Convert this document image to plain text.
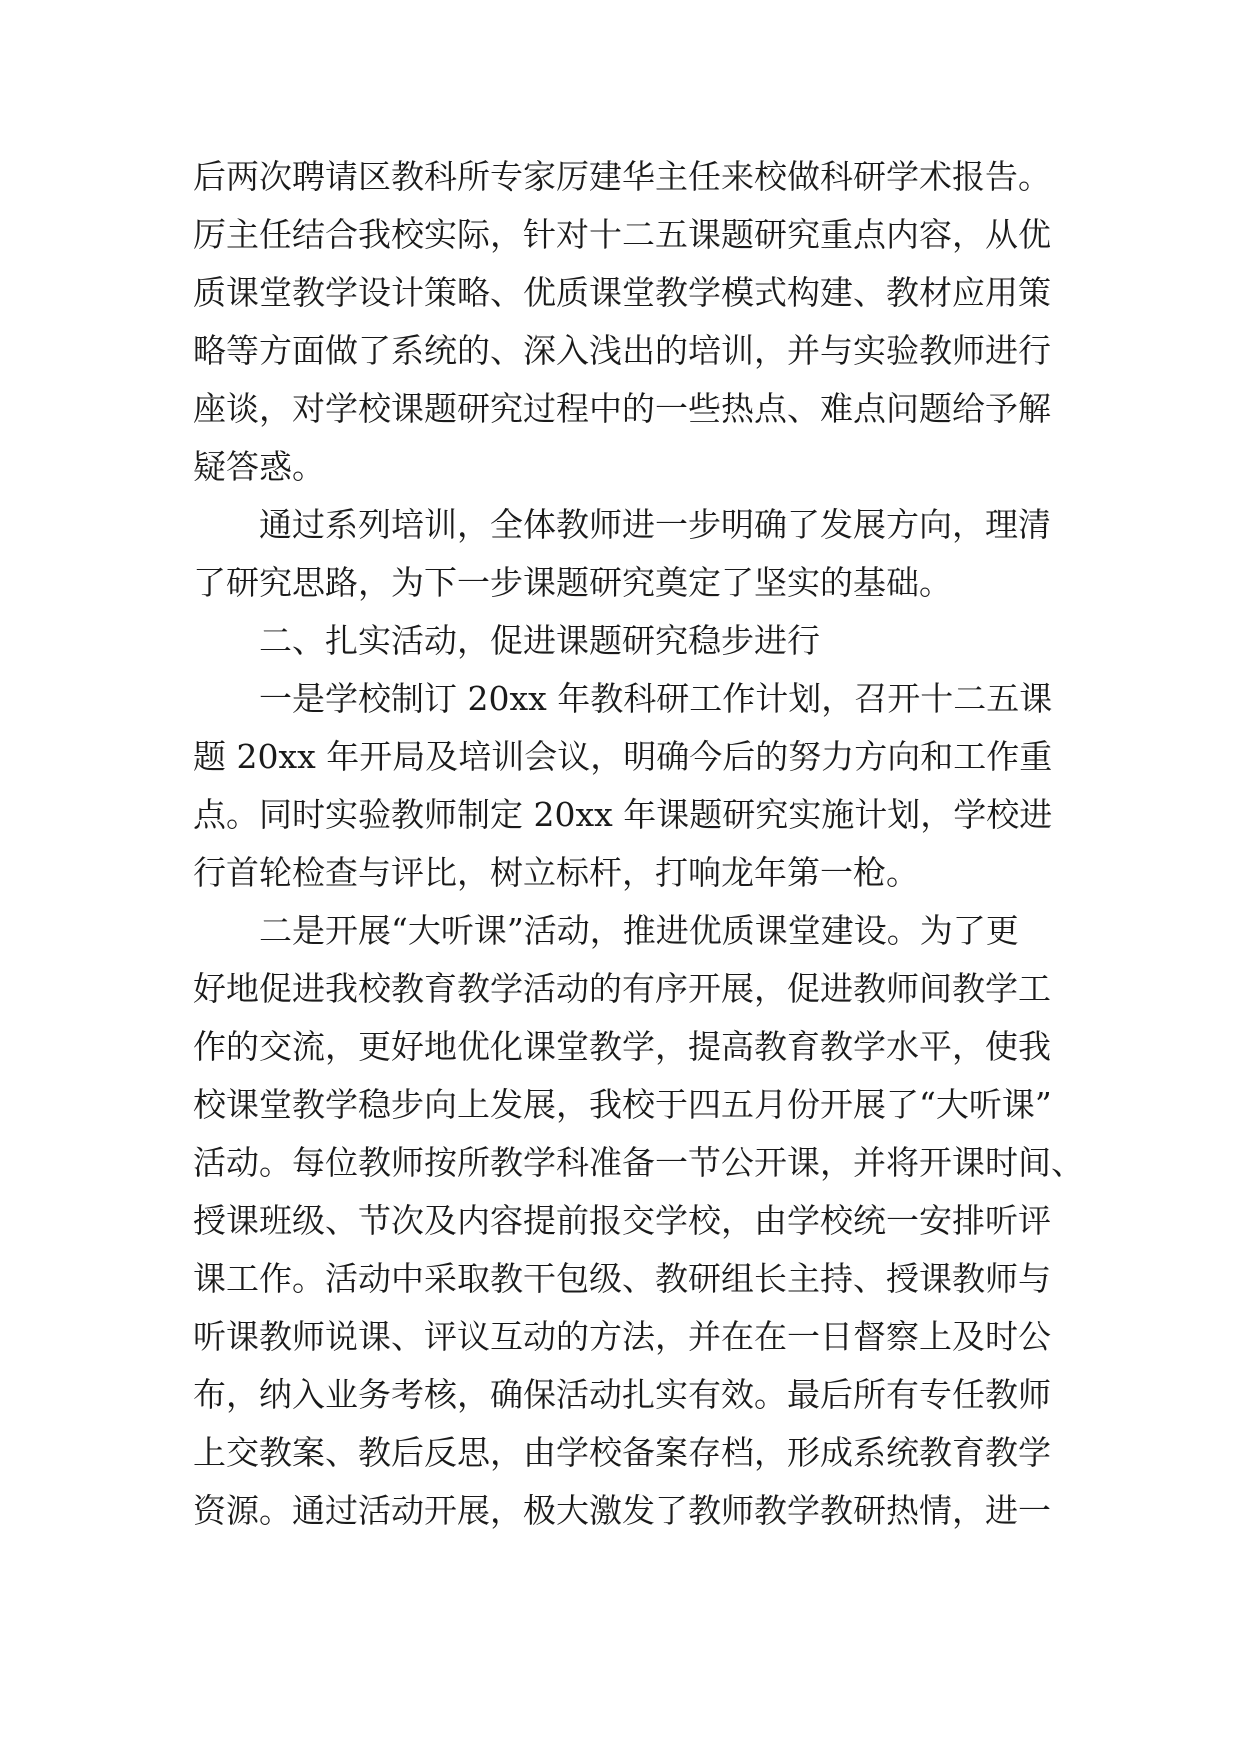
后两次聘请区教科所专家厉建华主任来校做科研学术报告。
厉主任结合我校实际，针对十二五课题研究重点内容，从优
质课堂教学设计策略、优质课堂教学模式构建、教材应用策
略等方面做了系统的、深入浅出的培训，并与实验教师进行
座谈，对学校课题研究过程中的一些热点、难点问题给予解
疑答惑。
通过系列培训，全体教师进一步明确了发展方向，理清
了研究思路，为下一步课题研究奠定了坚实的基础。
二、扎实活动，促进课题研究稳步进行
一是学校制订 20xx 年教科研工作计划，召开十二五课
题 20xx 年开局及培训会议，明确今后的努力方向和工作重
点。同时实验教师制定 20xx 年课题研究实施计划，学校进
行首轮检查与评比，树立标杆，打响龙年第一枪。
二是开展“大听课”活动，推进优质课堂建设。为了更
好地促进我校教育教学活动的有序开展，促进教师间教学工
作的交流，更好地优化课堂教学，提高教育教学水平，使我
校课堂教学稳步向上发展，我校于四五月份开展了“大听课”
活动。每位教师按所教学科准备一节公开课，并将开课时间、
授课班级、节次及内容提前报交学校，由学校统一安排听评
课工作。活动中采取教干包级、教研组长主持、授课教师与
听课教师说课、评议互动的方法，并在在一日督察上及时公
布，纳入业务考核，确保活动扎实有效。最后所有专任教师
上交教案、教后反思，由学校备案存档，形成系统教育教学
资源。通过活动开展，极大激发了教师教学教研热情，进一
